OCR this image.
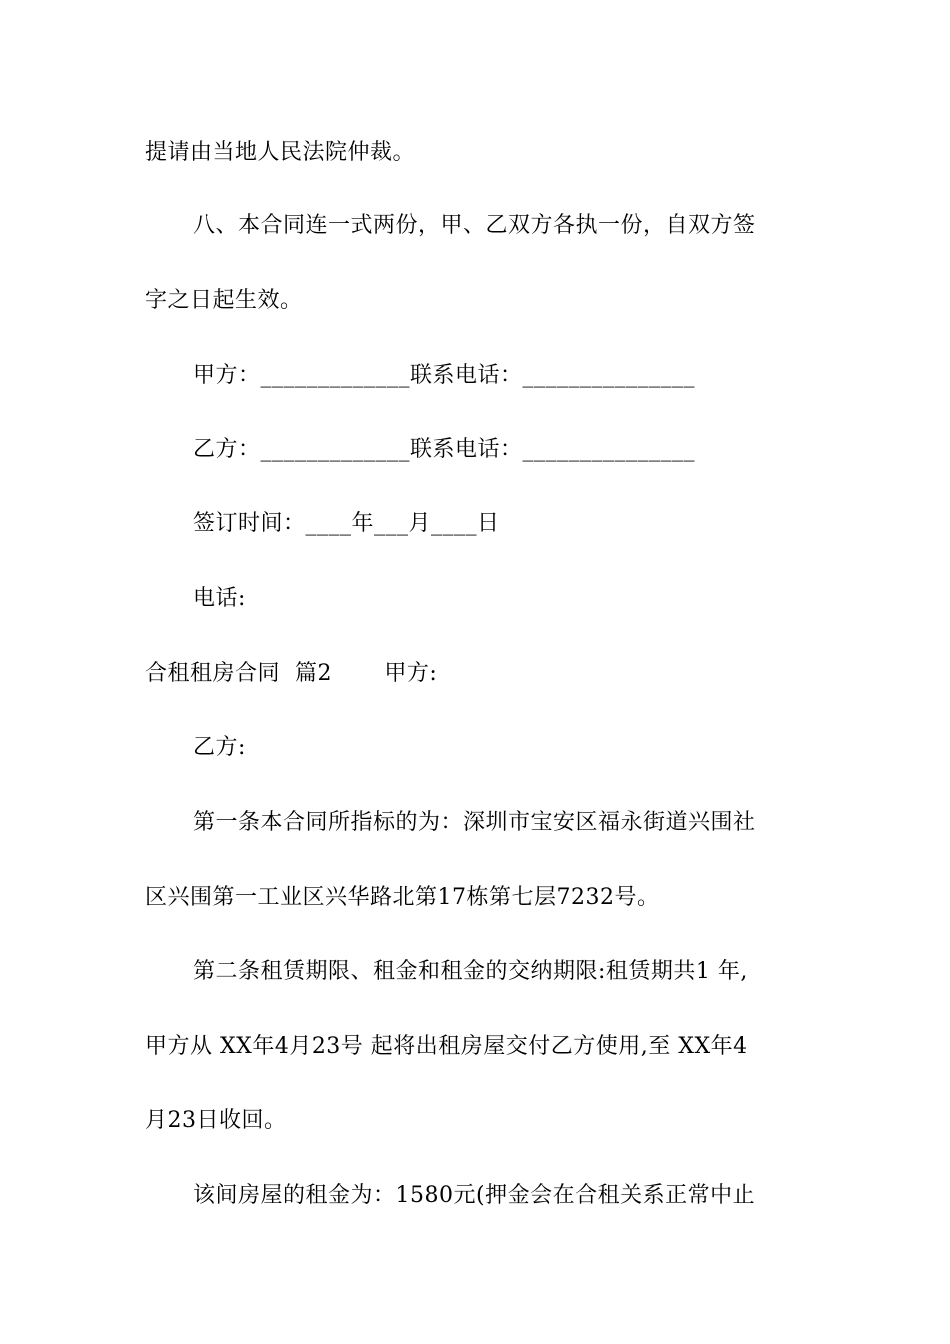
提请由当地人民法院仲裁。
八、本合同连一式两份，甲、乙双方各执一份，自双方签
字之日起生效。
甲方：_____________联系电话：_______________
乙方：_____________联系电话：_______________
签订时间：____年___月____日
电话:
合租租房合同  篇2       甲方:
乙方:
第一条本合同所指标的为：深圳市宝安区福永街道兴围社
区兴围第一工业区兴华路北第17栋第七层7232号。
第二条租赁期限、租金和租金的交纳期限:租赁期共1 年,
甲方从 XX年4月23号 起将出租房屋交付乙方使用,至 XX年4
月23日收回。
该间房屋的租金为：1580元(押金会在合租关系正常中止
